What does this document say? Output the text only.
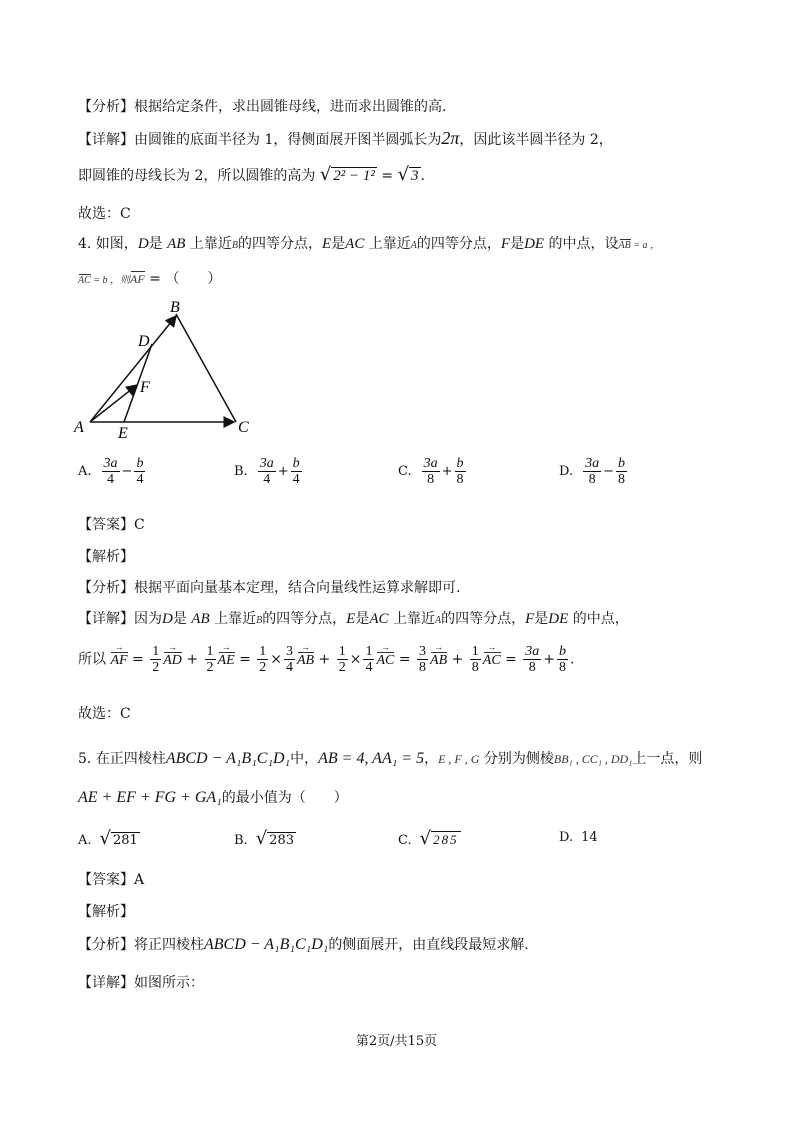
【分析】根据给定条件，求出圆锥母线，进而求出圆锥的高.
【详解】由圆锥的底面半径为 1，得侧面展开图半圆弧长为2π，因此该半圆半径为 2，
即圆锥的母线长为 2，所以圆锥的高为 √ 2² − 1² = √ 3 .
故选：C
4. 如图，D是 AB 上靠近B的四等分点，E是AC 上靠近A的四等分点，F是DE 的中点，设AB = a ，
AC = b ，则AF = （　　）
A
B
C
D
E
F
A. $\frac{3a}{4} - \frac{b}{4}$	B. $\frac{3a}{4} + \frac{b}{4}$	C. $\frac{3a}{8} + \frac{b}{8}$	D. $\frac{3a}{8} - \frac{b}{8}$
【答案】C
【解析】
【分析】根据平面向量基本定理，结合向量线性运算求解即可.
【详解】因为D是 AB 上靠近B的四等分点，E是AC 上靠近A的四等分点，F是DE 的中点，
所以 AF → = $\frac{1}{2}$ AD → + $\frac{1}{2}$ AE → = $\frac{1}{2} \times \frac{3}{4}$ AB → + $\frac{1}{2} \times \frac{1}{4}$ AC → = $\frac{3}{8}$ AB → + $\frac{1}{8}$ AC → = $\frac{3a}{8} + \frac{b}{8}$ .
故选：C
5. 在正四棱柱ABCD − A₁B₁C₁D₁中，AB = 4, AA₁ = 5，E , F , G 分别为侧棱BB₁ , CC₁ , DD₁上一点，则
AE + EF + FG + GA₁的最小值为（　　）
A. √ 281	B. √ 283	C. √ 285	D. 14
【答案】A
【解析】
【分析】将正四棱柱ABCD − A₁B₁C₁D₁的侧面展开，由直线段最短求解.
【详解】如图所示：
第2页/共15页
